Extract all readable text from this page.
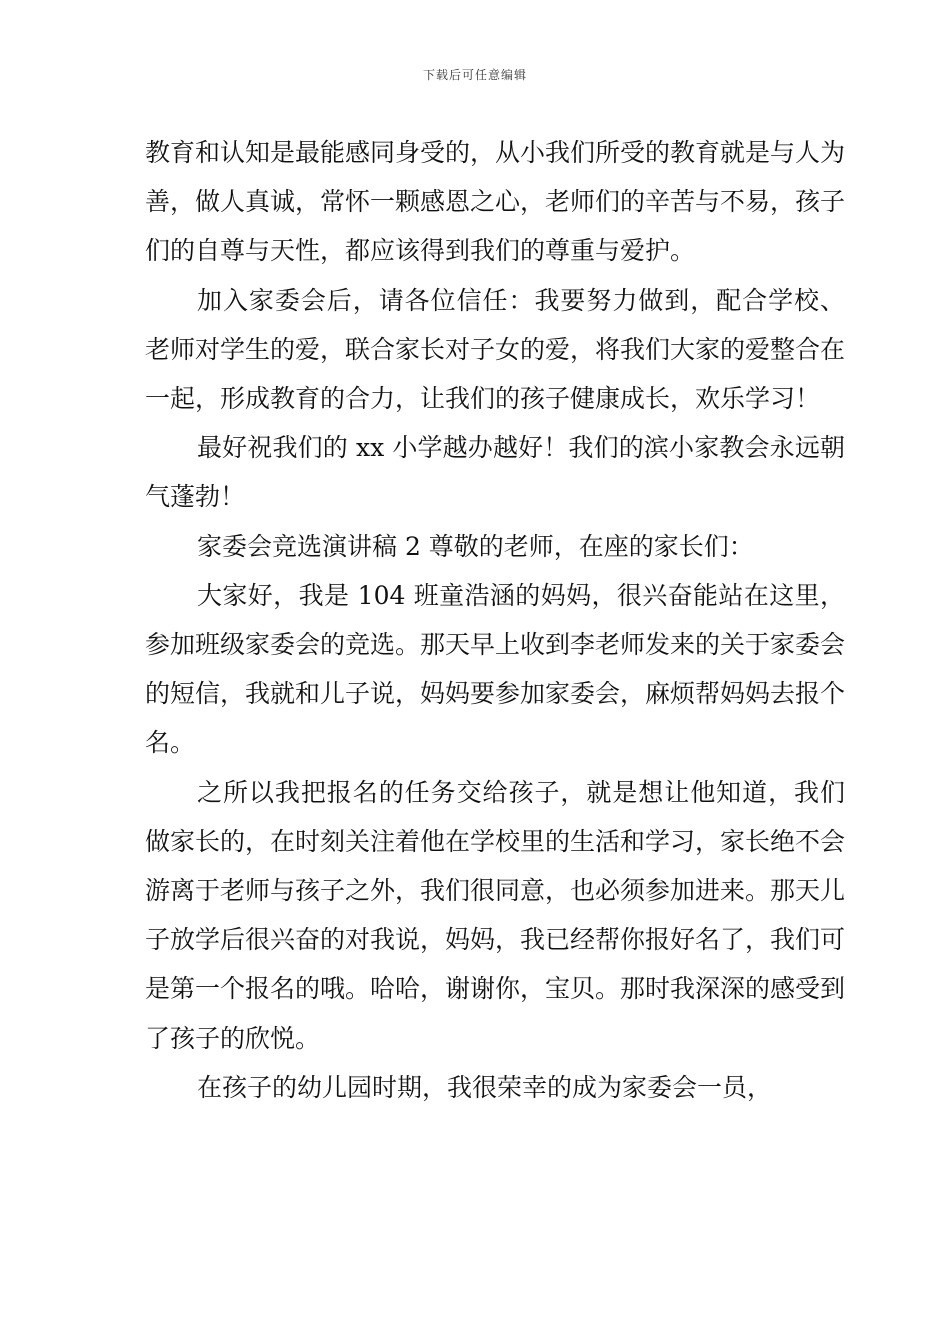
下载后可任意编辑

教育和认知是最能感同身受的，从小我们所受的教育就是与人为善，做人真诚，常怀一颗感恩之心，老师们的辛苦与不易，孩子们的自尊与天性，都应该得到我们的尊重与爱护。

加入家委会后，请各位信任：我要努力做到，配合学校、老师对学生的爱，联合家长对子女的爱，将我们大家的爱整合在一起，形成教育的合力，让我们的孩子健康成长，欢乐学习！

最好祝我们的 xx 小学越办越好！我们的滨小家教会永远朝气蓬勃！

家委会竞选演讲稿 2 尊敬的老师，在座的家长们：

大家好，我是 104 班童浩涵的妈妈，很兴奋能站在这里，参加班级家委会的竞选。那天早上收到李老师发来的关于家委会的短信，我就和儿子说，妈妈要参加家委会，麻烦帮妈妈去报个名。

之所以我把报名的任务交给孩子，就是想让他知道，我们做家长的，在时刻关注着他在学校里的生活和学习，家长绝不会游离于老师与孩子之外，我们很同意，也必须参加进来。那天儿子放学后很兴奋的对我说，妈妈，我已经帮你报好名了，我们可是第一个报名的哦。哈哈，谢谢你，宝贝。那时我深深的感受到了孩子的欣悦。

在孩子的幼儿园时期，我很荣幸的成为家委会一员，
